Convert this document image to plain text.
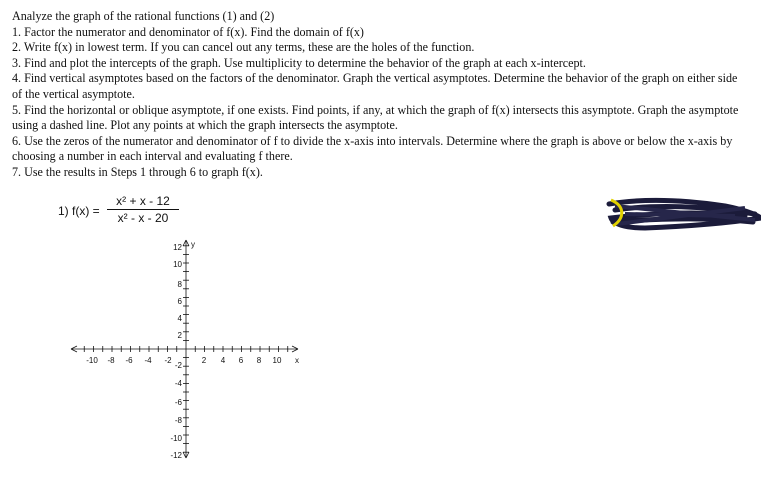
Analyze the graph of the rational functions (1) and (2)

1. Factor the numerator and denominator of f(x). Find the domain of f(x)

2. Write f(x) in lowest term. If you can cancel out any terms, these are the holes of the function.

3. Find and plot the intercepts of the graph. Use multiplicity to determine the behavior of the graph at each x-intercept.

4. Find vertical asymptotes based on the factors of the denominator. Graph the vertical asymptotes. Determine the behavior of the graph on either side of the vertical asymptote.

5. Find the horizontal or oblique asymptote, if one exists. Find points, if any, at which the graph of f(x) intersects this asymptote. Graph the asymptote using a dashed line. Plot any points at which the graph intersects the asymptote.

6. Use the zeros of the numerator and denominator of f to divide the x-axis into intervals. Determine where the graph is above or below the x-axis by choosing a number in each interval and evaluating f there.

7. Use the results in Steps 1 through 6 to graph f(x).

1) f(x) =
x² + x - 12
x² - x - 20
-10 -8 -6 -4 -2	2 4 6 8 10 x
2
4
6
8
10
12 y
-2
-4
-6
-8
-10
-12
